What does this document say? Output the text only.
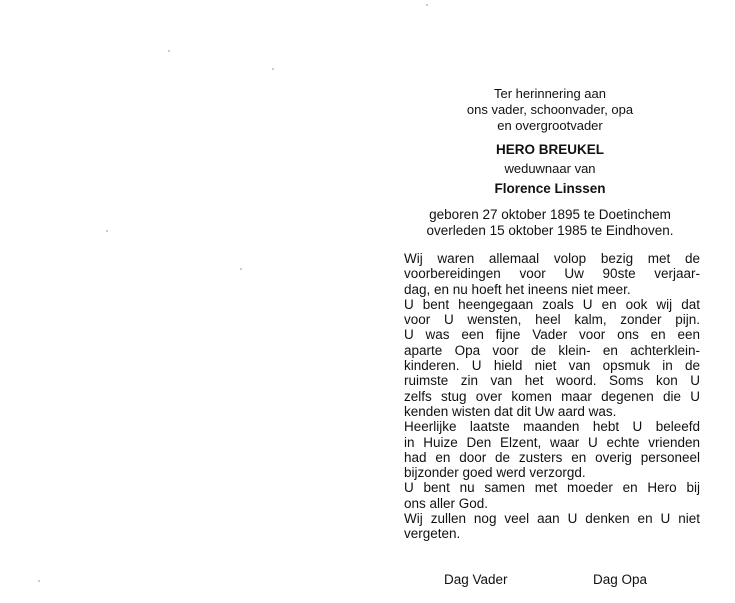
Ter herinnering aan
ons vader, schoonvader, opa
en overgrootvader
HERO BREUKEL
weduwnaar van
Florence Linssen
geboren 27 oktober 1895 te Doetinchem
overleden 15 oktober 1985 te Eindhoven.
Wij waren allemaal volop bezig met de
voorbereidingen voor Uw 90ste verjaar-
dag, en nu hoeft het ineens niet meer.
U bent heengegaan zoals U en ook wij dat
voor U wensten, heel kalm, zonder pijn.
U was een fijne Vader voor ons en een
aparte Opa voor de klein- en achterklein-
kinderen. U hield niet van opsmuk in de
ruimste zin van het woord. Soms kon U
zelfs stug over komen maar degenen die U
kenden wisten dat dit Uw aard was.
Heerlijke laatste maanden hebt U beleefd
in Huize Den Elzent, waar U echte vrienden
had en door de zusters en overig personeel
bijzonder goed werd verzorgd.
U bent nu samen met moeder en Hero bij
ons aller God.
Wij zullen nog veel aan U denken en U niet
vergeten.
Dag Vader	Dag Opa
